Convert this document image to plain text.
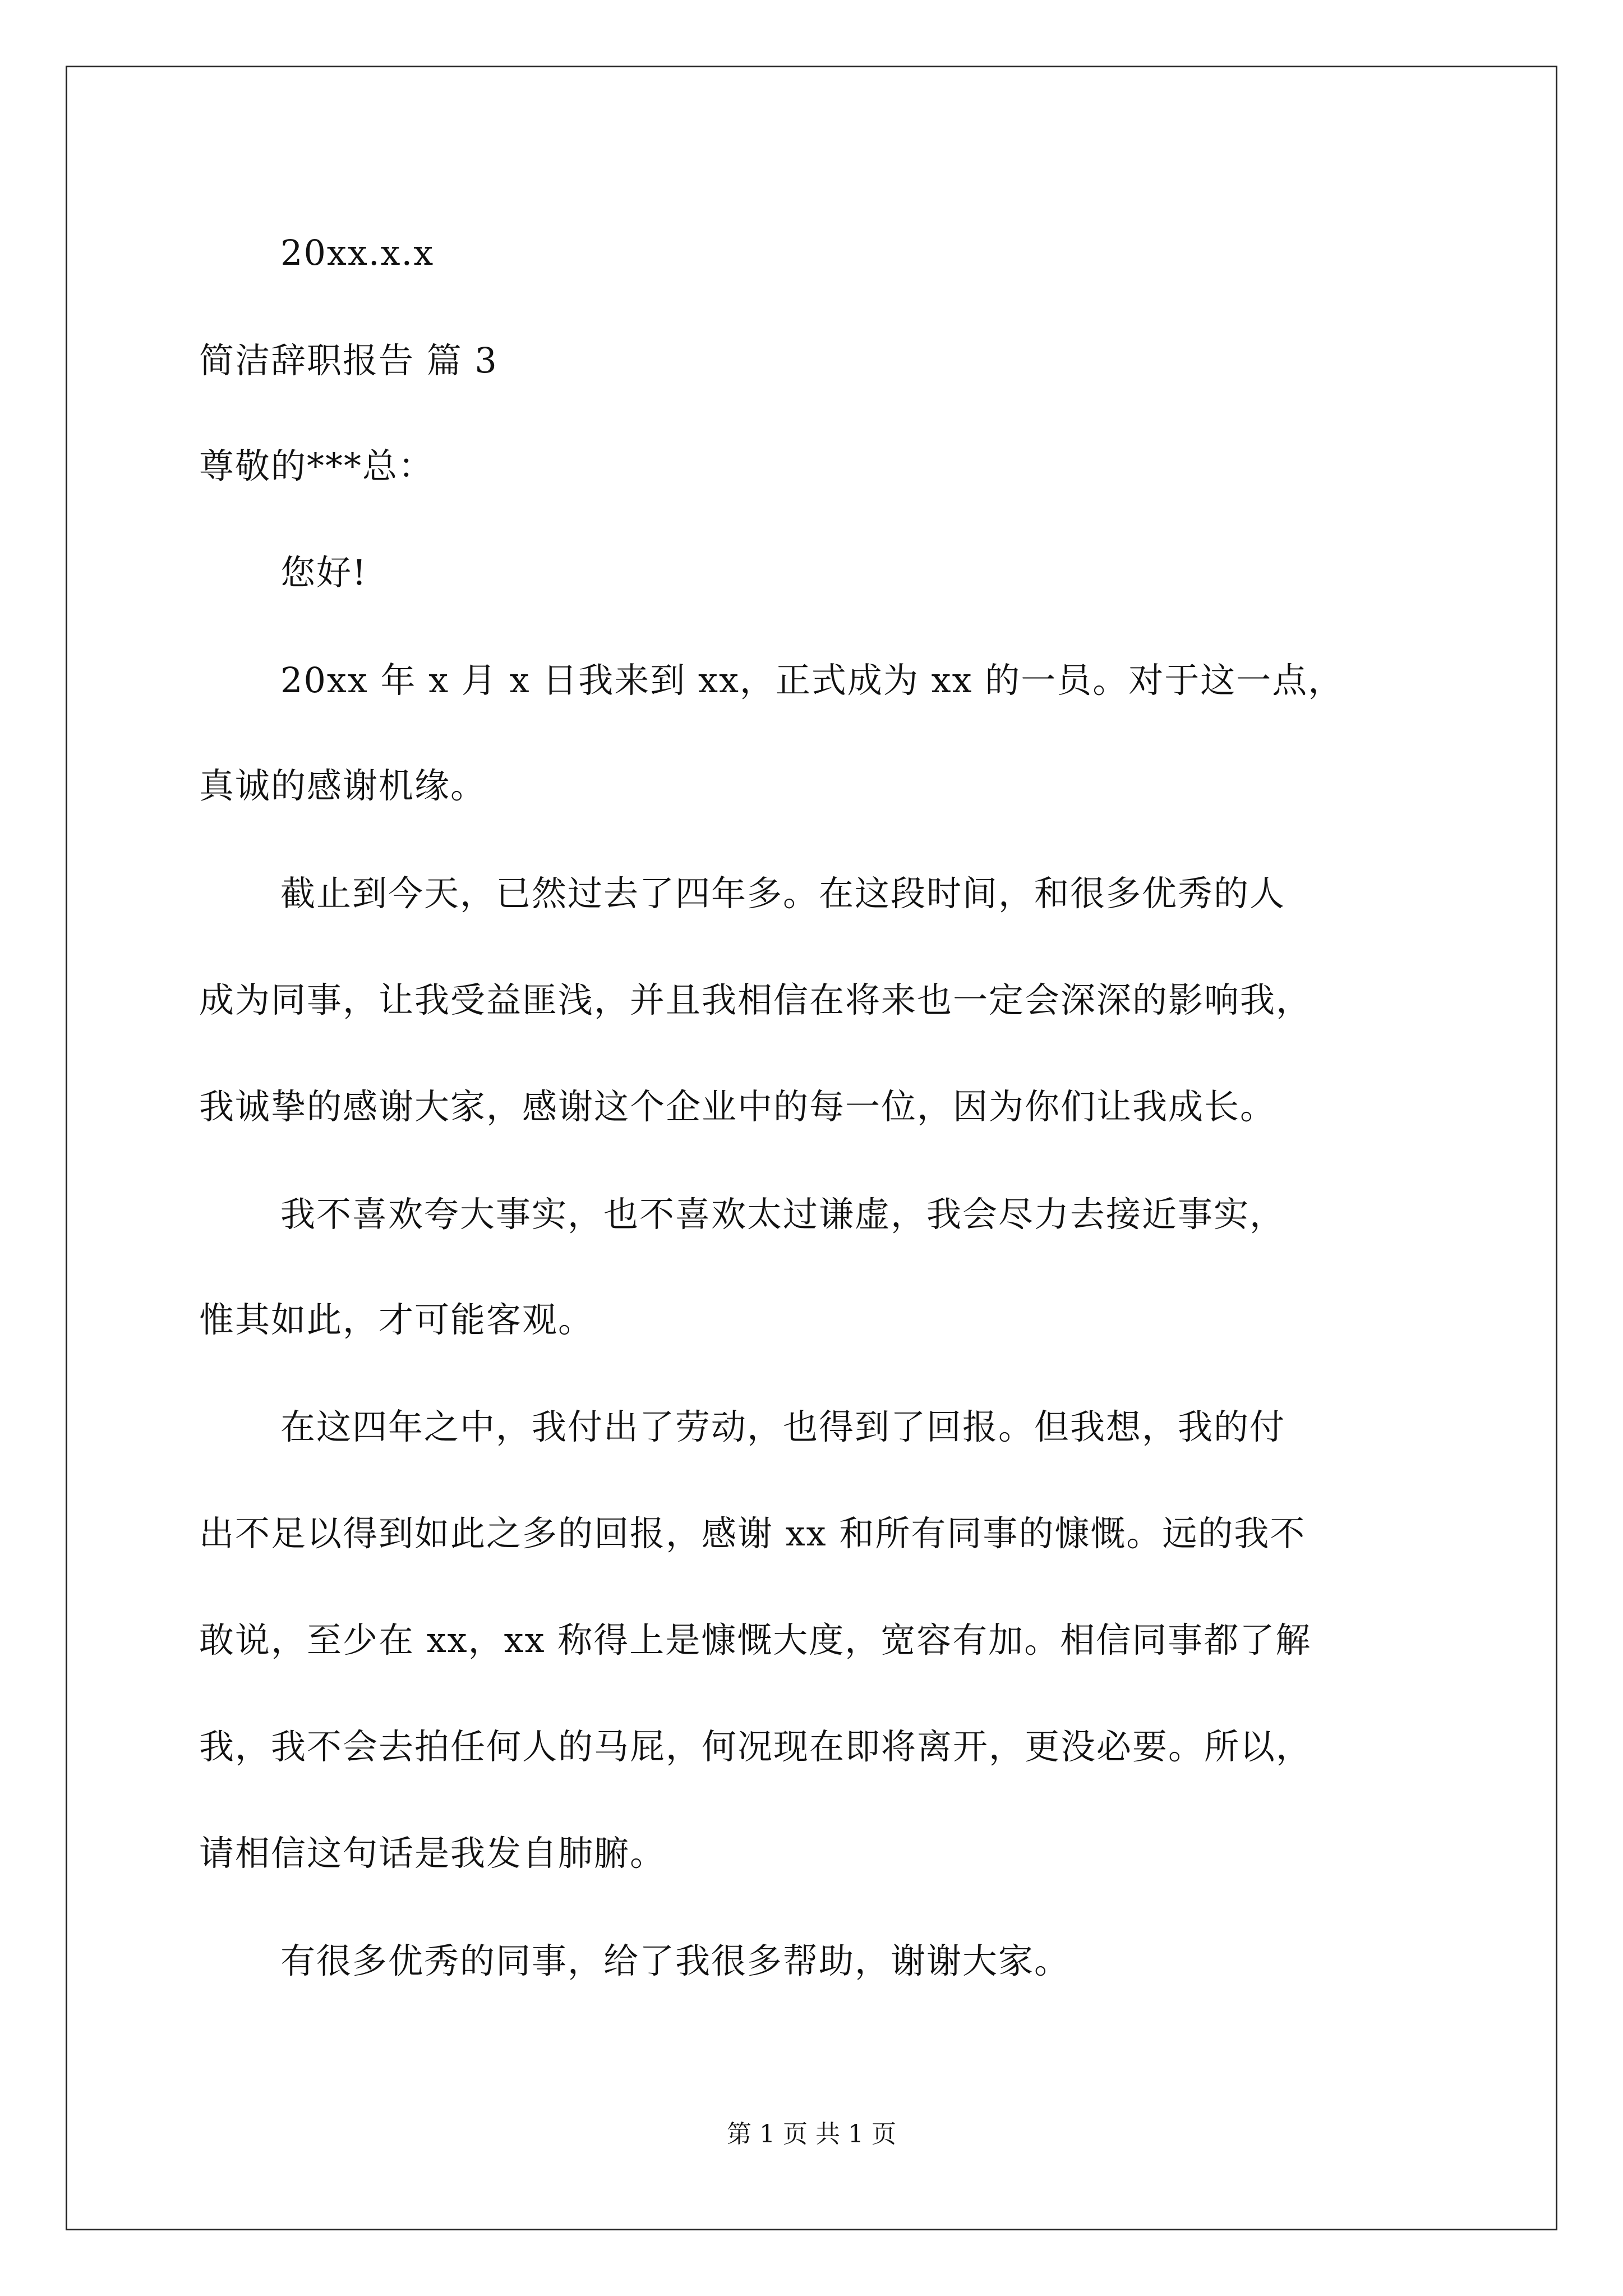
20xx.x.x
简洁辞职报告 篇 3
尊敬的***总：
您好!
20xx 年 x 月 x 日我来到 xx，正式成为 xx 的一员。对于这一点，
真诚的感谢机缘。
截止到今天，已然过去了四年多。在这段时间，和很多优秀的人
成为同事，让我受益匪浅，并且我相信在将来也一定会深深的影响我，
我诚挚的感谢大家，感谢这个企业中的每一位，因为你们让我成长。
我不喜欢夸大事实，也不喜欢太过谦虚，我会尽力去接近事实，
惟其如此，才可能客观。
在这四年之中，我付出了劳动，也得到了回报。但我想，我的付
出不足以得到如此之多的回报，感谢 xx 和所有同事的慷慨。远的我不
敢说，至少在 xx，xx 称得上是慷慨大度，宽容有加。相信同事都了解
我，我不会去拍任何人的马屁，何况现在即将离开，更没必要。所以，
请相信这句话是我发自肺腑。
有很多优秀的同事，给了我很多帮助，谢谢大家。
第 1 页 共 1 页
